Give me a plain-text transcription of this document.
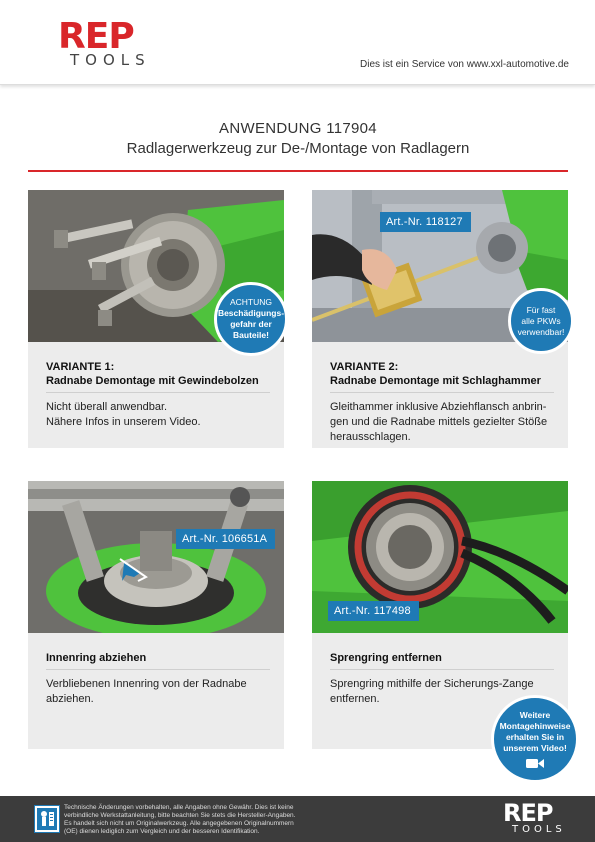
REP
TOOLS	Dies ist ein Service von www.xxl-automotive.de
ANWENDUNG 117904
Radlagerwerkzeug zur De-/Montage von Radlagern
ACHTUNG
Beschädigungs-
gefahr der
Bauteile!
VARIANTE 1:
Radnabe Demontage mit Gewindebolzen
Nicht überall anwendbar.
Nähere Infos in unserem Video.
Art.-Nr. 118127
Für fast
alle PKWs
verwendbar!
VARIANTE 2:
Radnabe Demontage mit Schlaghammer
Gleithammer inklusive Abziehflansch anbrin-
gen und die Radnabe mittels gezielter Stöße
herausschlagen.
Art.-Nr. 106651A
Innenring abziehen
Verbliebenen Innenring von der Radnabe
abziehen.
Art.-Nr. 117498
Sprengring entfernen
Sprengring mithilfe der Sicherungs-Zange
entfernen.
Weitere
Montagehinweise
erhalten Sie in
unserem Video!
Technische Änderungen vorbehalten, alle Angaben ohne Gewähr. Dies ist keine
verbindliche Werkstattanleitung, bitte beachten Sie stets die Hersteller-Angaben.
Es handelt sich nicht um Originalwerkzeug. Alle angegebenen Originalnummern
(OE) dienen lediglich zum Vergleich und der besseren Identifikation.
REP
TOOLS
